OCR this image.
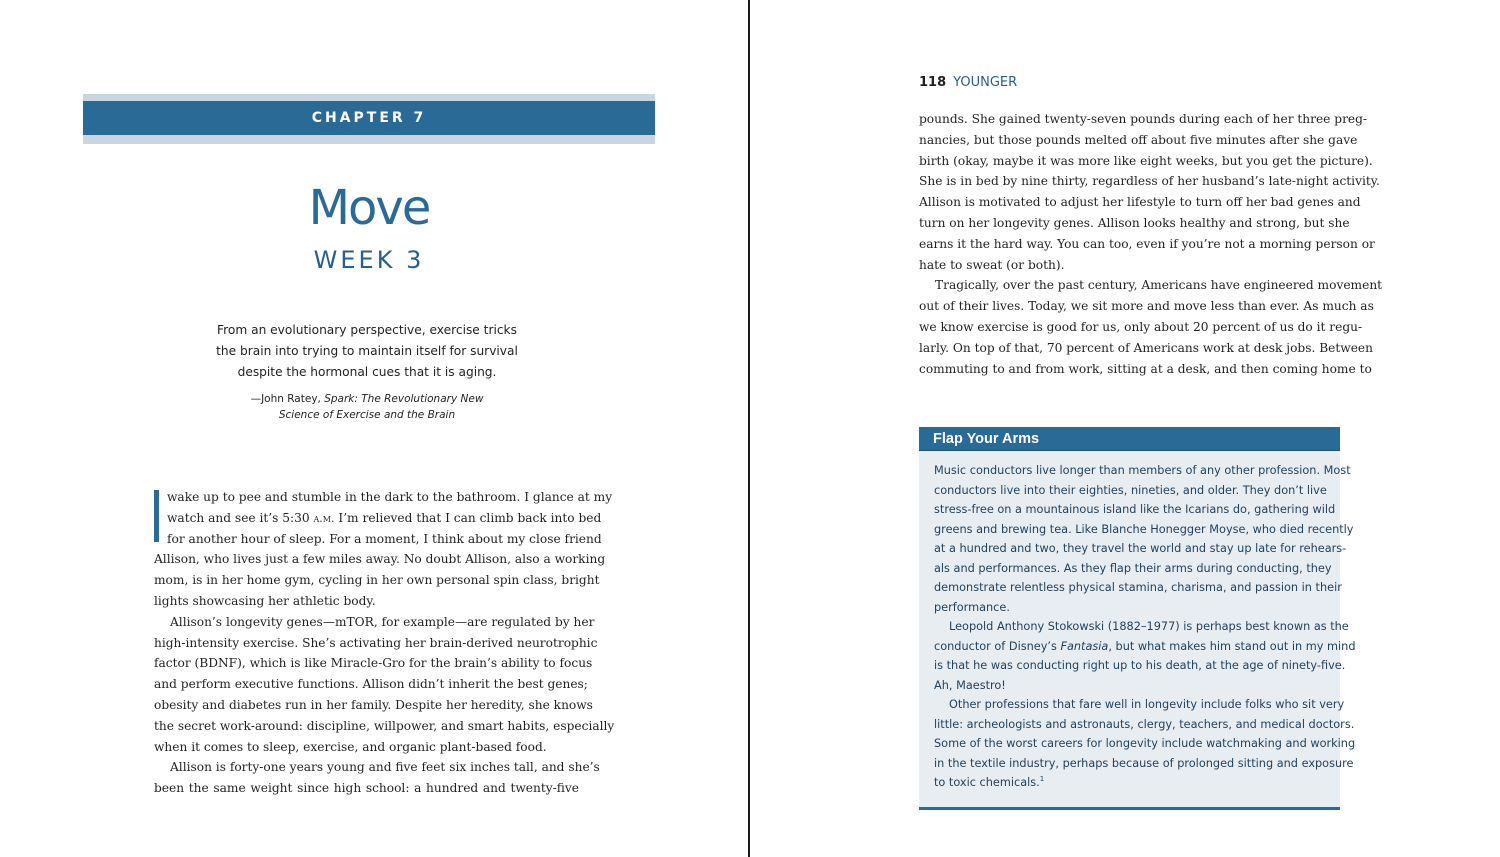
CHAPTER 7
Move
WEEK 3
From an evolutionary perspective, exercise tricks
the brain into trying to maintain itself for survival
despite the hormonal cues that it is aging.
—John Ratey, Spark: The Revolutionary New
Science of Exercise and the Brain
wake up to pee and stumble in the dark to the bathroom. I glance at my
watch and see it’s 5:30 a.m. I’m relieved that I can climb back into bed
for another hour of sleep. For a moment, I think about my close friend
Allison, who lives just a few miles away. No doubt Allison, also a working
mom, is in her home gym, cycling in her own personal spin class, bright
lights showcasing her athletic body.
Allison’s longevity genes—mTOR, for example—are regulated by her
high-intensity exercise. She’s activating her brain-derived neurotrophic
factor (BDNF), which is like Miracle-Gro for the brain’s ability to focus
and perform executive functions. Allison didn’t inherit the best genes;
obesity and diabetes run in her family. Despite her heredity, she knows
the secret work-around: discipline, willpower, and smart habits, especially
when it comes to sleep, exercise, and organic plant-based food.
Allison is forty-one years young and five feet six inches tall, and she’s
been the same weight since high school: a hundred and twenty-five
118 YOUNGER
pounds. She gained twenty-seven pounds during each of her three preg-
nancies, but those pounds melted off about five minutes after she gave
birth (okay, maybe it was more like eight weeks, but you get the picture).
She is in bed by nine thirty, regardless of her husband’s late-night activity.
Allison is motivated to adjust her lifestyle to turn off her bad genes and
turn on her longevity genes. Allison looks healthy and strong, but she
earns it the hard way. You can too, even if you’re not a morning person or
hate to sweat (or both).
Tragically, over the past century, Americans have engineered movement
out of their lives. Today, we sit more and move less than ever. As much as
we know exercise is good for us, only about 20 percent of us do it regu-
larly. On top of that, 70 percent of Americans work at desk jobs. Between
commuting to and from work, sitting at a desk, and then coming home to
Flap Your Arms
Music conductors live longer than members of any other profession. Most
conductors live into their eighties, nineties, and older. They don’t live
stress-free on a mountainous island like the Icarians do, gathering wild
greens and brewing tea. Like Blanche Honegger Moyse, who died recently
at a hundred and two, they travel the world and stay up late for rehears-
als and performances. As they flap their arms during conducting, they
demonstrate relentless physical stamina, charisma, and passion in their
performance.
Leopold Anthony Stokowski (1882–1977) is perhaps best known as the
conductor of Disney’s Fantasia, but what makes him stand out in my mind
is that he was conducting right up to his death, at the age of ninety-five.
Ah, Maestro!
Other professions that fare well in longevity include folks who sit very
little: archeologists and astronauts, clergy, teachers, and medical doctors.
Some of the worst careers for longevity include watchmaking and working
in the textile industry, perhaps because of prolonged sitting and exposure
to toxic chemicals.$^1$
